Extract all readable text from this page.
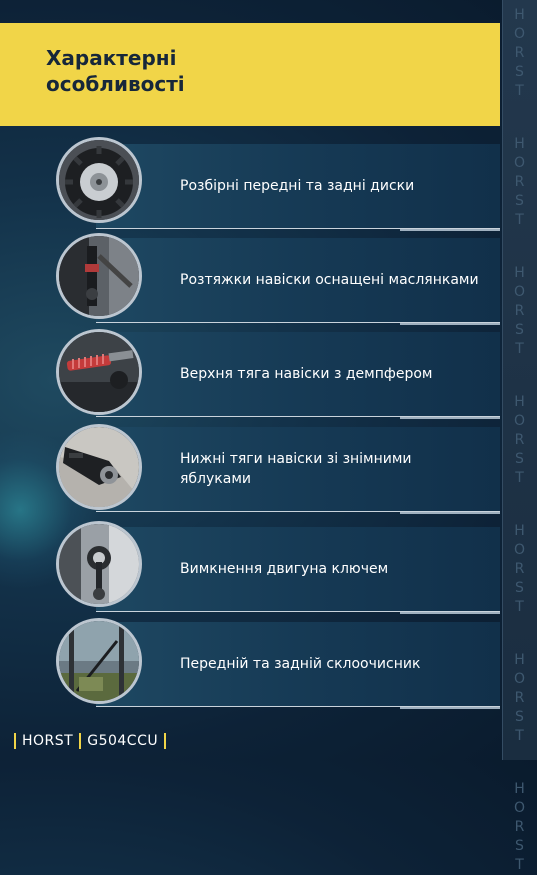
H
O
R
S
T
H
O
R
S
T
H
O
R
S
T
H
O
R
S
T
H
O
R
S
T
H
O
R
S
T
H
O
R
S
T
Характерні особливості
Розбірні передні та задні диски
Розтяжки навіски оснащені маслянками
Верхня тяга навіски з демпфером
Нижні тяги навіски зі знімними яблуками
Вимкнення двигуна ключем
Передній та задній склоочисник
HORST G504CCU
